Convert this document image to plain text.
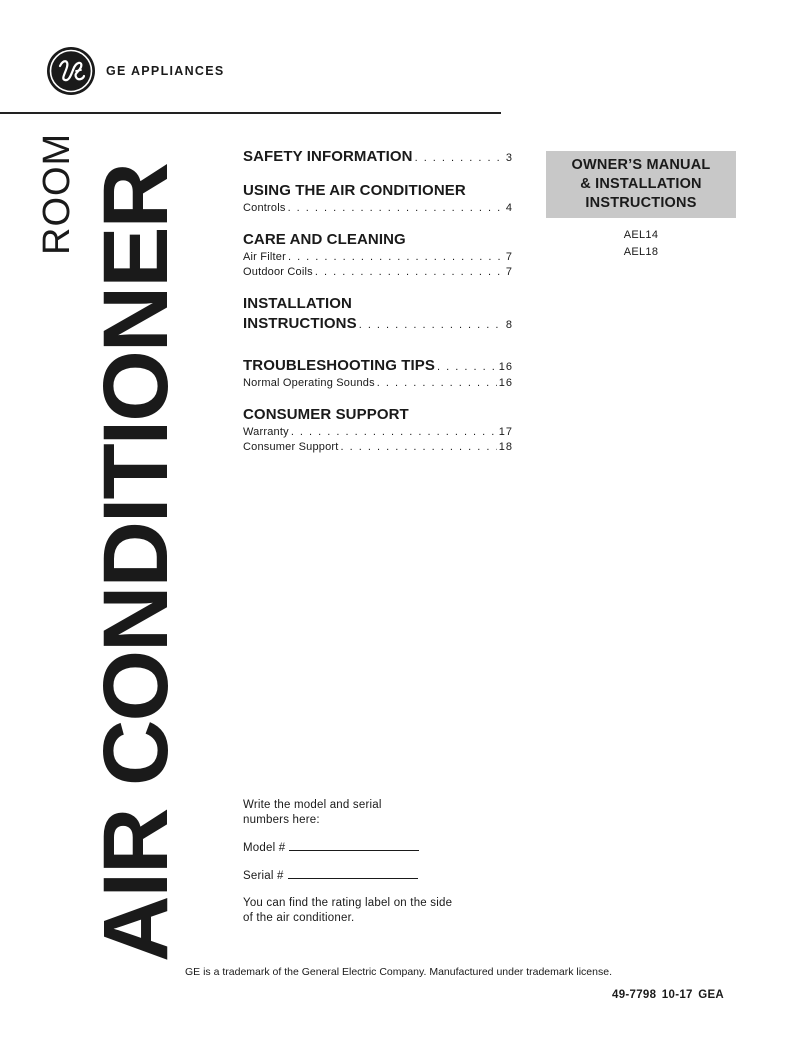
GE APPLIANCES
ROOM AIR CONDITIONER
SAFETY INFORMATION . . .	3
USING THE AIR CONDITIONER
Controls . . .	4
CARE AND CLEANING
Air Filter . . .	7
Outdoor Coils . . .	7
INSTALLATION
INSTRUCTIONS . . .	8
TROUBLESHOOTING TIPS . . .	16
Normal Operating Sounds . . .	16
CONSUMER SUPPORT
Warranty . . .	17
Consumer Support . . .	18
OWNER’S MANUAL
& INSTALLATION
INSTRUCTIONS
AEL14
AEL18

Write the model and serial numbers here:

Model #

Serial #

You can find the rating label on the side of the air conditioner.

GE is a trademark of the General Electric Company. Manufactured under trademark license.
49-7798 10-17 GEA
